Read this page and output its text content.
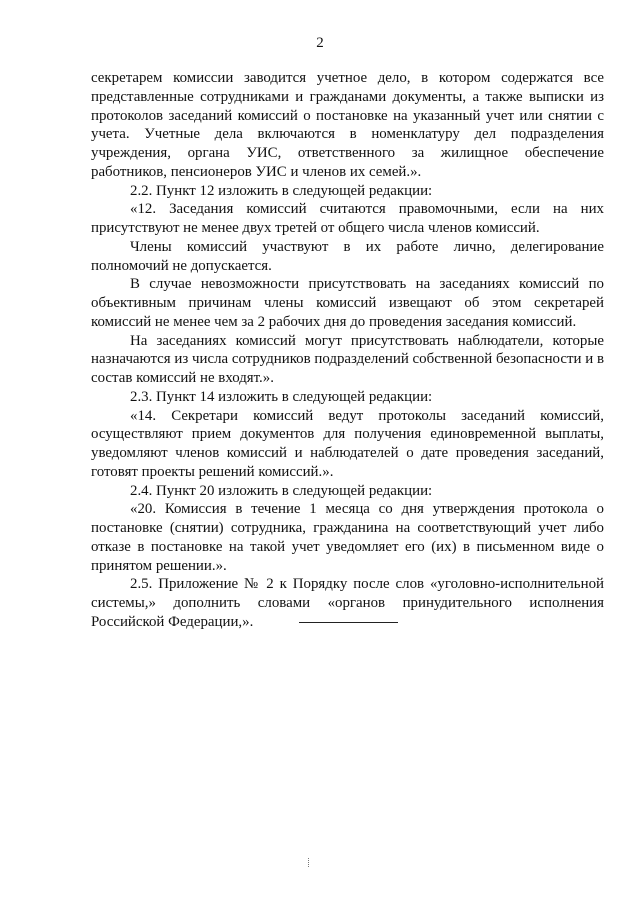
2

секретарем комиссии заводится учетное дело, в котором содержатся все представленные сотрудниками и гражданами документы, а также выписки из протоколов заседаний комиссий о постановке на указанный учет или снятии с учета. Учетные дела включаются в номенклатуру дел подразделения учреждения, органа УИС, ответственного за жилищное обеспечение работников, пенсионеров УИС и членов их семей.».

2.2. Пункт 12 изложить в следующей редакции:

«12. Заседания комиссий считаются правомочными, если на них присутствуют не менее двух третей от общего числа членов комиссий.

Члены комиссий участвуют в их работе лично, делегирование полномочий не допускается.

В случае невозможности присутствовать на заседаниях комиссий по объективным причинам члены комиссий извещают об этом секретарей комиссий не менее чем за 2 рабочих дня до проведения заседания комиссий.

На заседаниях комиссий могут присутствовать наблюдатели, которые назначаются из числа сотрудников подразделений собственной безопасности и в состав комиссий не входят.».

2.3. Пункт 14 изложить в следующей редакции:

«14. Секретари комиссий ведут протоколы заседаний комиссий, осуществляют прием документов для получения единовременной выплаты, уведомляют членов комиссий и наблюдателей о дате проведения заседаний, готовят проекты решений комиссий.».

2.4. Пункт 20 изложить в следующей редакции:

«20. Комиссия в течение 1 месяца со дня утверждения протокола о постановке (снятии) сотрудника, гражданина на соответствующий учет либо отказе в постановке на такой учет уведомляет его (их) в письменном виде о принятом решении.».

2.5. Приложение № 2 к Порядку после слов «уголовно-исполнительной системы,» дополнить словами «органов принудительного исполнения Российской Федерации,».
